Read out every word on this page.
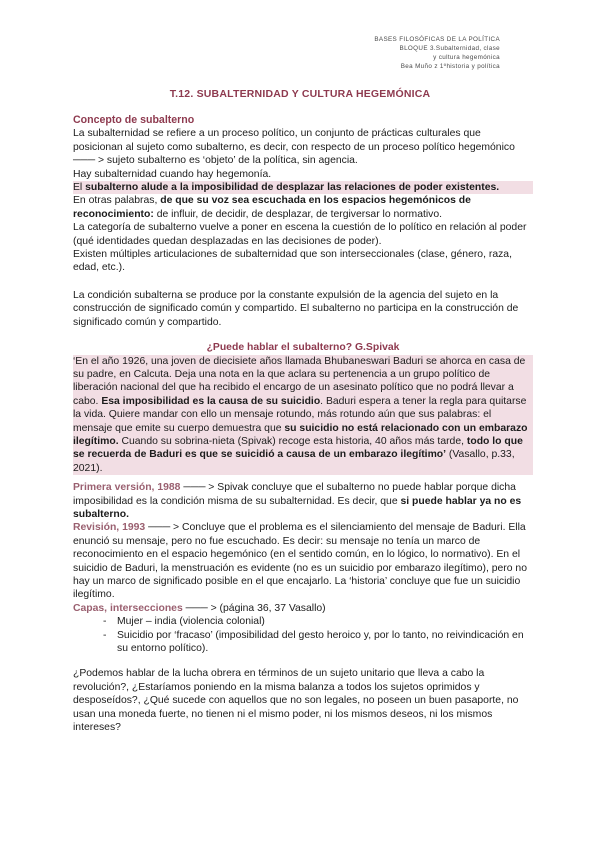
BASES FILOSÓFICAS DE LA POLÍTICA
BLOQUE 3.Subalternidad, clase
y cultura hegemónica
Bea Muño z 1ºhistoria y política
T.12. SUBALTERNIDAD Y CULTURA HEGEMÓNICA

Concepto de subalterno

La subalternidad se refiere a un proceso político, un conjunto de prácticas culturales que posicionan al sujeto como subalterno, es decir, con respecto de un proceso político hegemónico ─── > sujeto subalterno es ‘objeto’ de la política, sin agencia.

Hay subalternidad cuando hay hegemonía.

El subalterno alude a la imposibilidad de desplazar las relaciones de poder existentes.

En otras palabras, de que su voz sea escuchada en los espacios hegemónicos de reconocimiento: de influir, de decidir, de desplazar, de tergiversar lo normativo.

La categoría de subalterno vuelve a poner en escena la cuestión de lo político en relación al poder (qué identidades quedan desplazadas en las decisiones de poder).

Existen múltiples articulaciones de subalternidad que son interseccionales (clase, género, raza, edad, etc.).

La condición subalterna se produce por la constante expulsión de la agencia del sujeto en la construcción de significado común y compartido. El subalterno no participa en la construcción de significado común y compartido.

¿Puede hablar el subalterno? G.Spivak

‘En el año 1926, una joven de diecisiete años llamada Bhubaneswari Baduri se ahorca en casa de su padre, en Calcuta. Deja una nota en la que aclara su pertenencia a un grupo político de liberación nacional del que ha recibido el encargo de un asesinato político que no podrá llevar a cabo. Esa imposibilidad es la causa de su suicidio. Baduri espera a tener la regla para quitarse la vida. Quiere mandar con ello un mensaje rotundo, más rotundo aún que sus palabras: el mensaje que emite su cuerpo demuestra que su suicidio no está relacionado con un embarazo ilegítimo. Cuando su sobrina-nieta (Spivak) recoge esta historia, 40 años más tarde, todo lo que se recuerda de Baduri es que se suicidió a causa de un embarazo ilegítimo’ (Vasallo, p.33, 2021).

Primera versión, 1988 ─── > Spivak concluye que el subalterno no puede hablar porque dicha imposibilidad es la condición misma de su subalternidad. Es decir, que si puede hablar ya no es subalterno.

Revisión, 1993 ─── > Concluye que el problema es el silenciamiento del mensaje de Baduri. Ella enunció su mensaje, pero no fue escuchado. Es decir: su mensaje no tenía un marco de reconocimiento en el espacio hegemónico (en el sentido común, en lo lógico, lo normativo). En el suicidio de Baduri, la menstruación es evidente (no es un suicidio por embarazo ilegítimo), pero no hay un marco de significado posible en el que encajarlo. La ‘historia’ concluye que fue un suicidio ilegítimo.

Capas, intersecciones ─── > (página 36, 37 Vasallo)

- Mujer – india (violencia colonial)
- Suicidio por ‘fracaso’ (imposibilidad del gesto heroico y, por lo tanto, no reivindicación en su entorno político).

¿Podemos hablar de la lucha obrera en términos de un sujeto unitario que lleva a cabo la revolución?, ¿Estaríamos poniendo en la misma balanza a todos los sujetos oprimidos y desposeídos?, ¿Qué sucede con aquellos que no son legales, no poseen un buen pasaporte, no usan una moneda fuerte, no tienen ni el mismo poder, ni los mismos deseos, ni los mismos intereses?
